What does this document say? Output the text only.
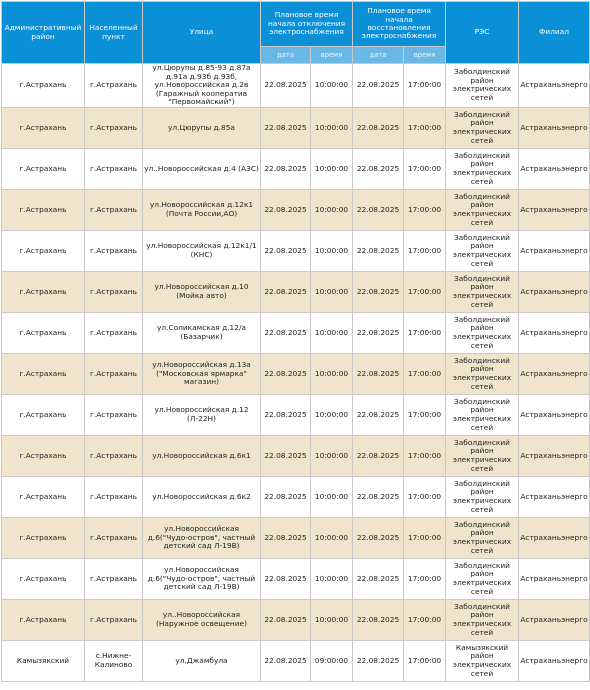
Административный район	Населенный пункт	Улица	Плановое время начала отключения электроснабжения		Плановое время начала восстановления электроснабжения		РЭС	Филиал
			дата	время	дата	время		
г.Астрахань	г.Астрахань	ул.Цюрупы д.85-93 д.87а д.91а д.93б д.93б, ул.Новороссийская д.2в (Гаражный кооператив "Первомайский")	22.08.2025	10:00:00	22.08.2025	17:00:00	Заболдинский район электрических сетей	Астраханьэнерго
г.Астрахань	г.Астрахань	ул.Цюрупы д.85а	22.08.2025	10:00:00	22.08.2025	17:00:00	Заболдинский район электрических сетей	Астраханьэнерго
г.Астрахань	г.Астрахань	ул..Новороссийская д.4 (АЗС)	22.08.2025	10:00:00	22.08.2025	17:00:00	Заболдинский район электрических сетей	Астраханьэнерго
г.Астрахань	г.Астрахань	ул.Новороссийская д.12к1 (Почта России,АО)	22.08.2025	10:00:00	22.08.2025	17:00:00	Заболдинский район электрических сетей	Астраханьэнерго
г.Астрахань	г.Астрахань	ул.Новороссийская д.12к1/1 (КНС)	22.08.2025	10:00:00	22.08.2025	17:00:00	Заболдинский район электрических сетей	Астраханьэнерго
г.Астрахань	г.Астрахань	ул.Новороссийская д.10 (Мойка авто)	22.08.2025	10:00:00	22.08.2025	17:00:00	Заболдинский район электрических сетей	Астраханьэнерго
г.Астрахань	г.Астрахань	ул.Соликамская д.12/а (Базарчик)	22.08.2025	10:00:00	22.08.2025	17:00:00	Заболдинский район электрических сетей	Астраханьэнерго
г.Астрахань	г.Астрахань	ул.Новороссийская д.13а ("Московская ярмарка" магазин)	22.08.2025	10:00:00	22.08.2025	17:00:00	Заболдинский район электрических сетей	Астраханьэнерго
г.Астрахань	г.Астрахань	ул.Новороссийская д.12 (Л-22Н)	22.08.2025	10:00:00	22.08.2025	17:00:00	Заболдинский район электрических сетей	Астраханьэнерго
г.Астрахань	г.Астрахань	ул.Новороссийская д.6к1	22.08.2025	10:00:00	22.08.2025	17:00:00	Заболдинский район электрических сетей	Астраханьэнерго
г.Астрахань	г.Астрахань	ул.Новороссийская д.6к2	22.08.2025	10:00:00	22.08.2025	17:00:00	Заболдинский район электрических сетей	Астраханьэнерго
г.Астрахань	г.Астрахань	ул.Новороссийская д.6("Чудо-остров", частный детский сад Л-19В)	22.08.2025	10:00:00	22.08.2025	17:00:00	Заболдинский район электрических сетей	Астраханьэнерго
г.Астрахань	г.Астрахань	ул.Новороссийская д.6("Чудо-остров", частный детский сад Л-19В)	22.08.2025	10:00:00	22.08.2025	17:00:00	Заболдинский район электрических сетей	Астраханьэнерго
г.Астрахань	г.Астрахань	ул..Новороссийская (Наружное освещение)	22.08.2025	10:00:00	22.08.2025	17:00:00	Заболдинский район электрических сетей	Астраханьэнерго
Камызякский	с.Нижне-Калиново	ул.Джамбула	22.08.2025	09:00:00	22.08.2025	17:00:00	Камызякский район электрических сетей	Астраханьэнерго
